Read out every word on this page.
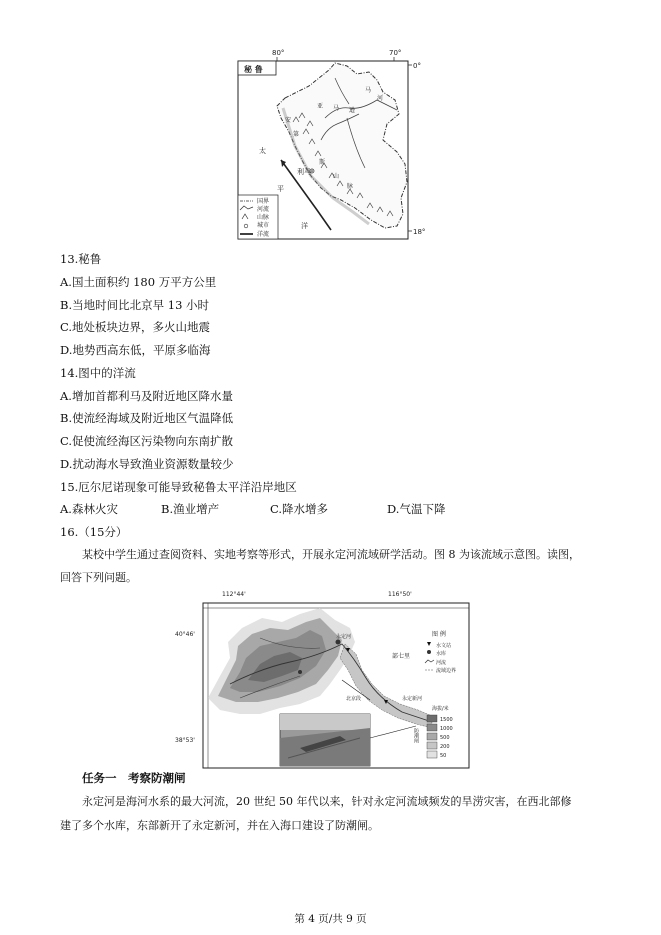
80°	70°
0°
18°
秘 鲁
太
平
洋
马
河
亚 马 逊
安
第
斯
山
脉
利马
国界
河流
山脉
城市
洋流
13.秘鲁
A.国土面积约 180 万平方公里
B.当地时间比北京早 13 小时
C.地处板块边界，多火山地震
D.地势西高东低，平原多临海
14.图中的洋流
A.增加首都利马及附近地区降水量
B.使流经海域及附近地区气温降低
C.促使流经海区污染物向东南扩散
D.扰动海水导致渔业资源数量较少
15.厄尔尼诺现象可能导致秘鲁太平洋沿岸地区
A.森林火灾	B.渔业增产	C.降水增多	D.气温下降
16.（15分）
某校中学生通过查阅资料、实地考察等形式，开展永定河流域研学活动。图 8 为该流域示意图。读图，
回答下列问题。
112°44'	116°50'
40°46'
38°53'
永定河
部七里
永定新河
防潮闸
北京段
图 例
水文站
水库
河流
流域边界
海拔/米
1500
1000
500
200
50
任务一　考察防潮闸
永定河是海河水系的最大河流，20 世纪 50 年代以来，针对永定河流域频发的旱涝灾害，在西北部修
建了多个水库，东部新开了永定新河，并在入海口建设了防潮闸。
第 4 页/共 9 页
